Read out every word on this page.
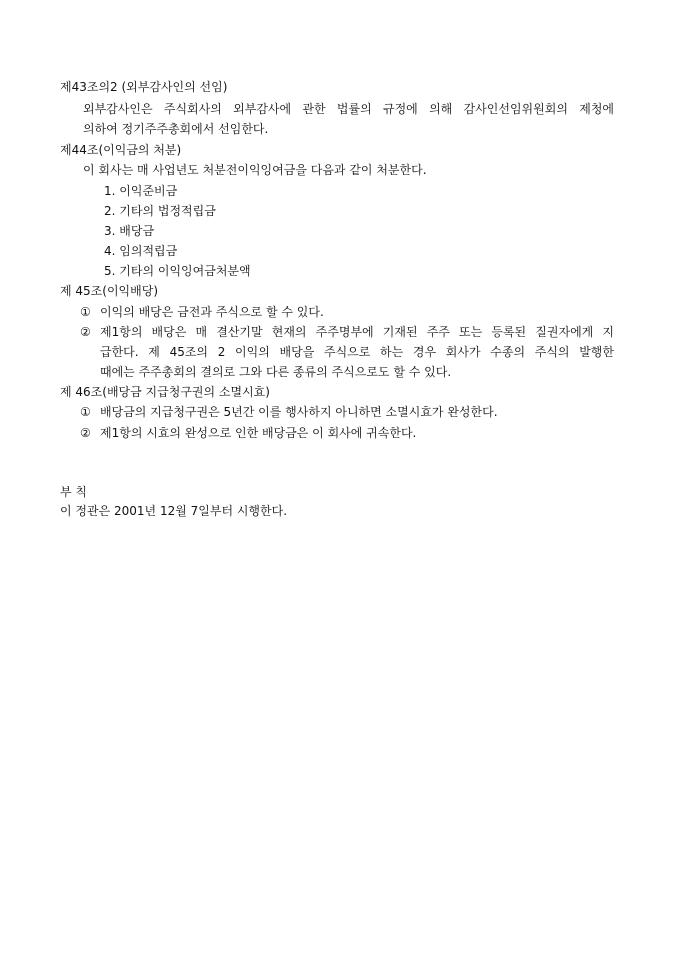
제43조의2 (외부감사인의 선임)
외부감사인은 주식회사의 외부감사에 관한 법률의 규정에 의해 감사인선임위원회의 제청에
의하여 정기주주총회에서 선임한다.
제44조(이익금의 처분)
이 회사는 매 사업년도 처분전이익잉여금을 다음과 같이 처분한다.
1. 이익준비금
2. 기타의 법정적립금
3. 배당금
4. 임의적립금
5. 기타의 이익잉여금처분액
제 45조(이익배당)
① 이익의 배당은 금전과 주식으로 할 수 있다.
② 제1항의 배당은 매 결산기말 현재의 주주명부에 기재된 주주 또는 등록된 질권자에게 지
급한다. 제 45조의 2 이익의 배당을 주식으로 하는 경우 회사가 수종의 주식의 발행한
때에는 주주총회의 결의로 그와 다른 종류의 주식으로도 할 수 있다.
제 46조(배당금 지급청구권의 소멸시효)
① 배당금의 지급청구권은 5년간 이를 행사하지 아니하면 소멸시효가 완성한다.
② 제1항의 시효의 완성으로 인한 배당금은 이 회사에 귀속한다.
부 칙
이 정관은 2001년 12월 7일부터 시행한다.
